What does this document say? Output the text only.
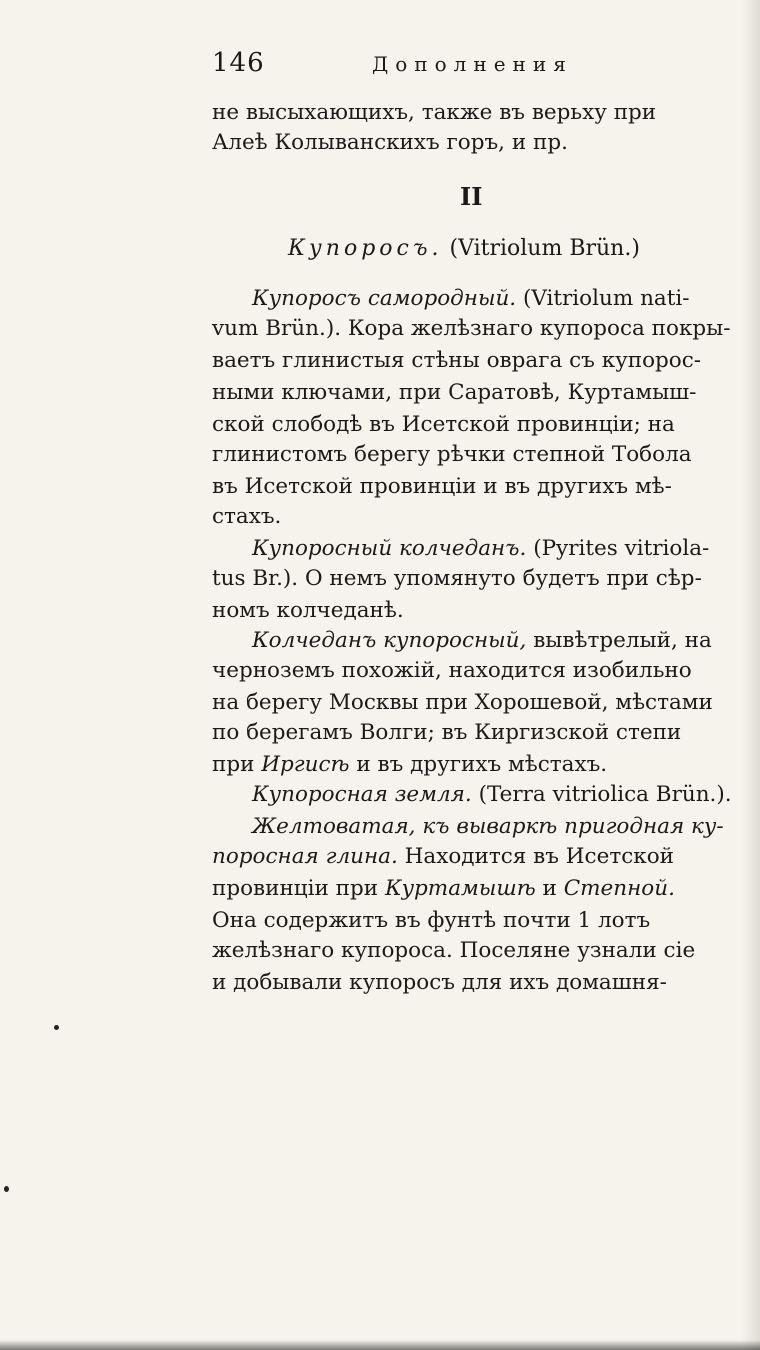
146	Дополнения
не высыхающихъ, также въ верьху при
Алеѣ Колыванскихъ горъ, и пр.
II
Купоросъ. (Vitriolum Brün.)
Купоросъ самородный. (Vitriolum nati-
vum Brün.). Кора желѣзнаго купороса покры-
ваетъ глинистыя стѣны оврага съ купорос-
ными ключами, при Саратовѣ, Куртамыш-
ской слободѣ въ Исетской провинціи; на
глинистомъ берегу рѣчки степной Тобола
въ Исетской провинціи и въ другихъ мѣ-
стахъ.
Купоросный колчеданъ. (Pyrites vitriola-
tus Br.). О немъ упомянуто будетъ при сѣр-
номъ колчеданѣ.
Колчеданъ купоросный, вывѣтрелый, на
черноземъ похожій, находится изобильно
на берегу Москвы при Хорошевой, мѣстами
по берегамъ Волги; въ Киргизской степи
при Иргисѣ и въ другихъ мѣстахъ.
Купоросная земля. (Terra vitriolica Brün.).
Желтоватая, къ вываркѣ пригодная ку-
поросная глина. Находится въ Исетской
провинціи при Куртамышѣ и Степной.
Она содержитъ въ фунтѣ почти 1 лотъ
желѣзнаго купороса. Поселяне узнали сіе
и добывали купоросъ для ихъ домашня-
